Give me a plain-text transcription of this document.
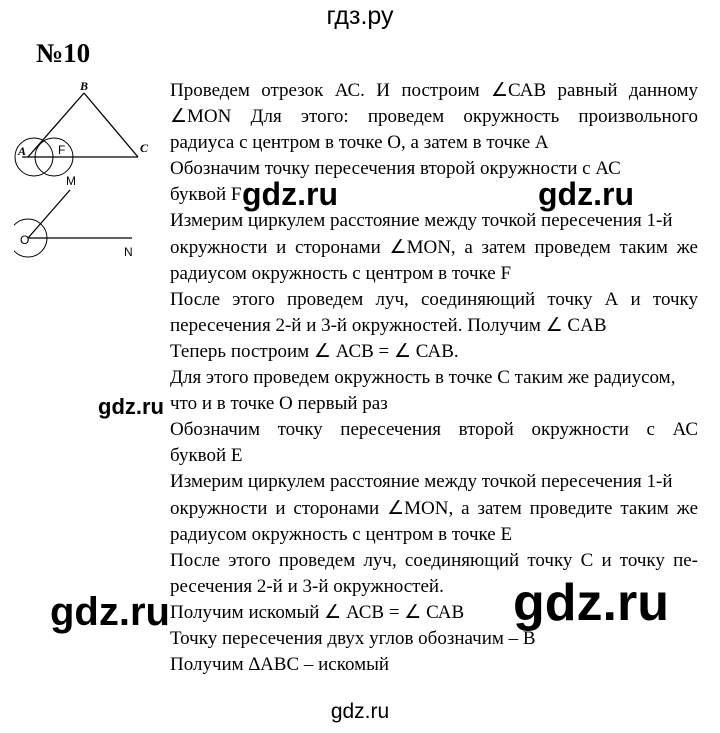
гдз.ру
№10
B
A	F	C
M
O
N
Проведем отрезок АС. И построим ∠САВ равный данному
∠MON Для этого: проведем окружность произвольного
радиуса с центром в точке О, а затем в точке А
Обозначим точку пересечения второй окружности с АС
буквой F
Измерим циркулем расстояние между точкой пересечения 1-й
окружности и сторонами ∠MON, а затем проведем таким же
радиусом окружность с центром в точке F
После этого проведем луч, соединяющий точку А и точку
пересечения 2-й и 3-й окружностей. Получим ∠ CAB
Теперь построим ∠ АСВ = ∠ САВ.
Для этого проведем окружность в точке С таким же радиусом,
что и в точке О первый раз
Обозначим точку пересечения второй окружности с АС
буквой Е
Измерим циркулем расстояние между точкой пересечения 1-й
окружности и сторонами ∠MON, а затем проведите таким же
радиусом окружность с центром в точке Е
После этого проведем луч, соединяющий точку С и точку пе-
ресечения 2-й и 3-й окружностей.
Получим искомый ∠ АСВ = ∠ САВ
Точку пересечения двух углов обозначим – В
Получим ∆АВС – искомый
gdz.ru	gdz.ru
gdz.ru
gdz.ru	gdz.ru
gdz.ru
